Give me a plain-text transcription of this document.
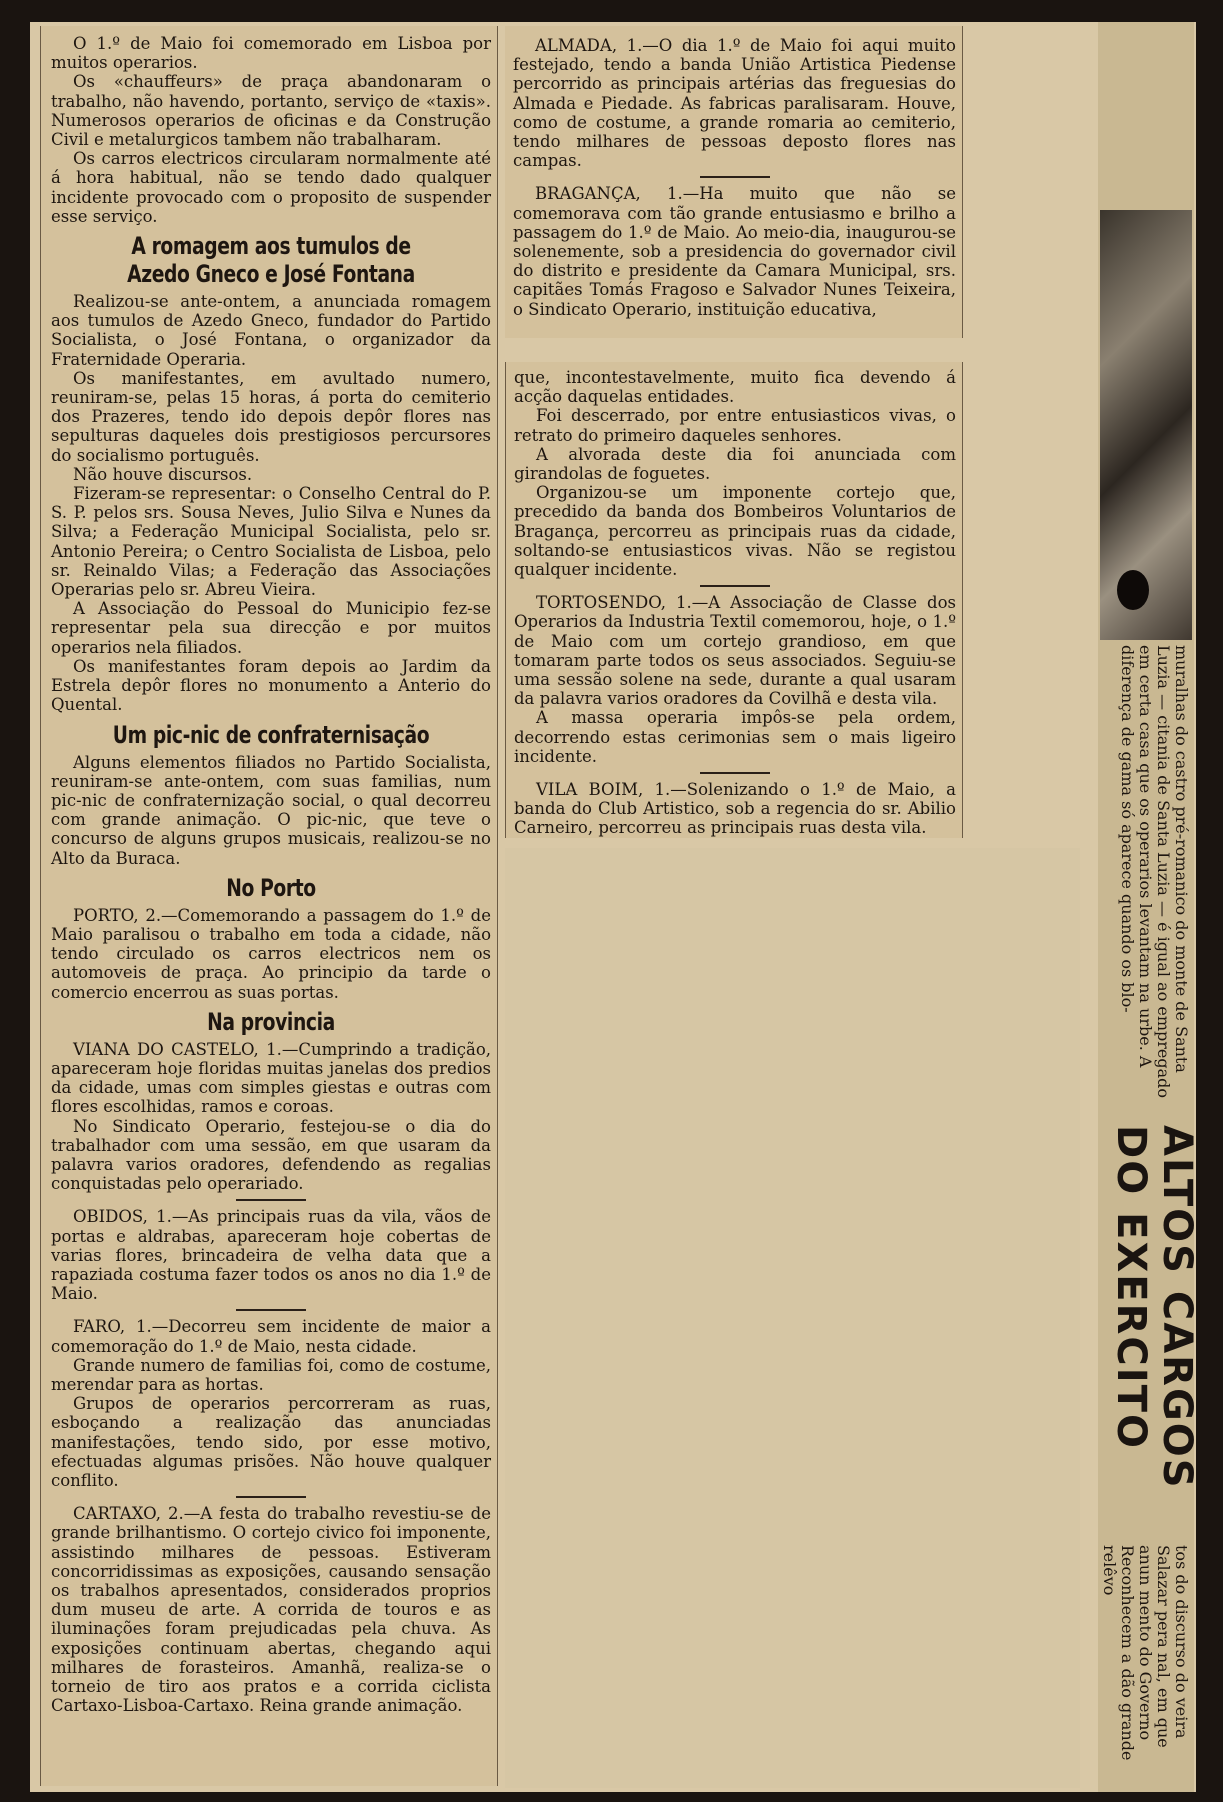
O 1.º de Maio foi comemorado em Lisboa por muitos operarios.

Os «chauffeurs» de praça abandonaram o trabalho, não havendo, portanto, serviço de «taxis». Numerosos operarios de oficinas e da Construção Civil e metalurgicos tambem não trabalharam.

Os carros electricos circularam normalmente até á hora habitual, não se tendo dado qualquer incidente provocado com o proposito de suspender esse serviço.

A romagem aos tumulos de Azedo Gneco e José Fontana

Realizou-se ante-ontem, a anunciada romagem aos tumulos de Azedo Gneco, fundador do Partido Socialista, o José Fontana, o organizador da Fraternidade Operaria.

Os manifestantes, em avultado numero, reuniram-se, pelas 15 horas, á porta do cemiterio dos Prazeres, tendo ido depois depôr flores nas sepulturas daqueles dois prestigiosos percursores do socialismo português.

Não houve discursos.

Fizeram-se representar: o Conselho Central do P. S. P. pelos srs. Sousa Neves, Julio Silva e Nunes da Silva; a Federação Municipal Socialista, pelo sr. Antonio Pereira; o Centro Socialista de Lisboa, pelo sr. Reinaldo Vilas; a Federação das Associações Operarias pelo sr. Abreu Vieira.

A Associação do Pessoal do Municipio fez-se representar pela sua direcção e por muitos operarios nela filiados.

Os manifestantes foram depois ao Jardim da Estrela depôr flores no monumento a Anterio do Quental.

Um pic-nic de confraternisação

Alguns elementos filiados no Partido Socialista, reuniram-se ante-ontem, com suas familias, num pic-nic de confraternização social, o qual decorreu com grande animação. O pic-nic, que teve o concurso de alguns grupos musicais, realizou-se no Alto da Buraca.

No Porto

PORTO, 2.—Comemorando a passagem do 1.º de Maio paralisou o trabalho em toda a cidade, não tendo circulado os carros electricos nem os automoveis de praça. Ao principio da tarde o comercio encerrou as suas portas.

Na provincia

VIANA DO CASTELO, 1.—Cumprindo a tradição, apareceram hoje floridas muitas janelas dos predios da cidade, umas com simples giestas e outras com flores escolhidas, ramos e coroas.

No Sindicato Operario, festejou-se o dia do trabalhador com uma sessão, em que usaram da palavra varios oradores, defendendo as regalias conquistadas pelo operariado.

OBIDOS, 1.—As principais ruas da vila, vãos de portas e aldrabas, apareceram hoje cobertas de varias flores, brincadeira de velha data que a rapaziada costuma fazer todos os anos no dia 1.º de Maio.

FARO, 1.—Decorreu sem incidente de maior a comemoração do 1.º de Maio, nesta cidade.

Grande numero de familias foi, como de costume, merendar para as hortas.

Grupos de operarios percorreram as ruas, esboçando a realização das anunciadas manifestações, tendo sido, por esse motivo, efectuadas algumas prisões. Não houve qualquer conflito.

CARTAXO, 2.—A festa do trabalho revestiu-se de grande brilhantismo. O cortejo civico foi imponente, assistindo milhares de pessoas. Estiveram concorridissimas as exposições, causando sensação os trabalhos apresentados, considerados proprios dum museu de arte. A corrida de touros e as iluminações foram prejudicadas pela chuva. As exposições continuam abertas, chegando aqui milhares de forasteiros. Amanhã, realiza-se o torneio de tiro aos pratos e a corrida ciclista Cartaxo-Lisboa-Cartaxo. Reina grande animação.

ALMADA, 1.—O dia 1.º de Maio foi aqui muito festejado, tendo a banda União Artistica Piedense percorrido as principais artérias das freguesias do Almada e Piedade. As fabricas paralisaram. Houve, como de costume, a grande romaria ao cemiterio, tendo milhares de pessoas deposto flores nas campas.

BRAGANÇA, 1.—Ha muito que não se comemorava com tão grande entusiasmo e brilho a passagem do 1.º de Maio. Ao meio-dia, inaugurou-se solenemente, sob a presidencia do governador civil do distrito e presidente da Camara Municipal, srs. capitães Tomás Fragoso e Salvador Nunes Teixeira, o Sindicato Operario, instituição educativa,

que, incontestavelmente, muito fica devendo á acção daquelas entidades.

Foi descerrado, por entre entusiasticos vivas, o retrato do primeiro daqueles senhores.

A alvorada deste dia foi anunciada com girandolas de foguetes.

Organizou-se um imponente cortejo que, precedido da banda dos Bombeiros Voluntarios de Bragança, percorreu as principais ruas da cidade, soltando-se entusiasticos vivas. Não se registou qualquer incidente.

TORTOSENDO, 1.—A Associação de Classe dos Operarios da Industria Textil comemorou, hoje, o 1.º de Maio com um cortejo grandioso, em que tomaram parte todos os seus associados. Seguiu-se uma sessão solene na sede, durante a qual usaram da palavra varios oradores da Covilhã e desta vila.

A massa operaria impôs-se pela ordem, decorrendo estas cerimonias sem o mais ligeiro incidente.

VILA BOIM, 1.—Solenizando o 1.º de Maio, a banda do Club Artistico, sob a regencia do sr. Abilio Carneiro, percorreu as principais ruas desta vila.	muralhas do castro pré-romanico do monte de Santa Luzia — citania de Santa Luzia — é igual ao empregado em certa casa que os operarios levantam na urbe. A diferença de gama só aparece quando os blo-
ALTOS CARGOS DO EXERCITO
tos do discurso do veira Salazar pera nal, em que anun mento do Governo Reconhecem a dão grande relêvo
